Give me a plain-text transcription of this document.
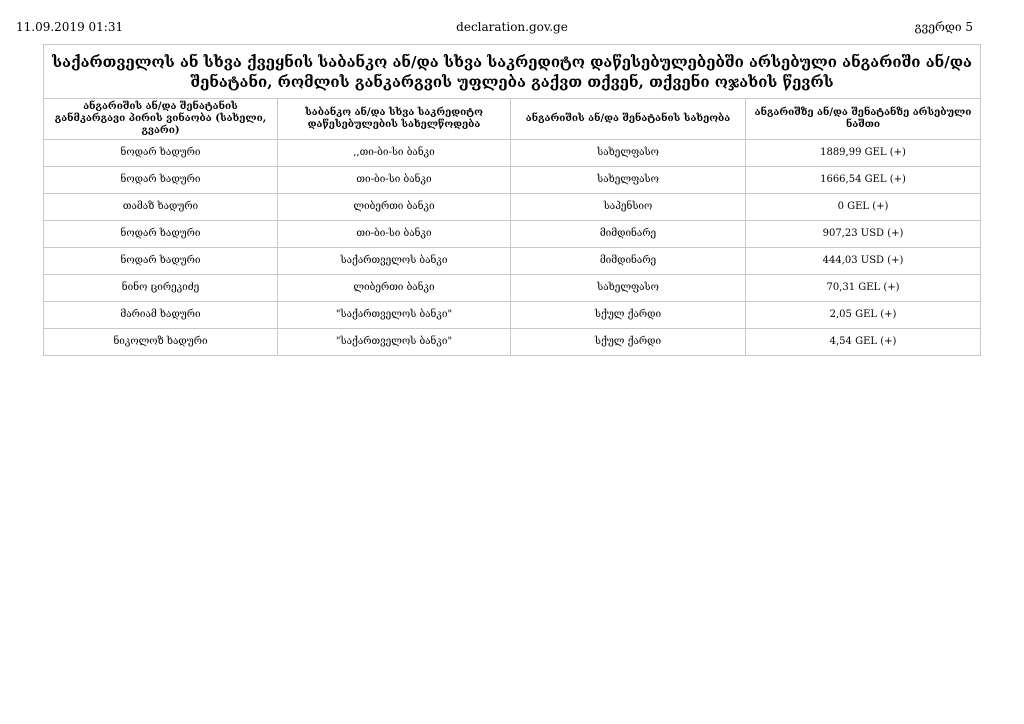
11.09.2019 01:31	declaration.gov.ge	გვერდი 5
საქართველოს ან სხვა ქვეყნის საბანკო ან/და სხვა საკრედიტო დაწესებულებებში არსებული ანგარიში ან/და შენატანი, რომლის განკარგვის უფლება გაქვთ თქვენ, თქვენი ოჯახის წევრს			
ანგარიშის ან/და შენატანის განმკარგავი პირის ვინაობა (სახელი, გვარი)	საბანკო ან/და სხვა საკრედიტო დაწესებულების სახელწოდება	ანგარიშის ან/და შენატანის სახეობა	ანგარიშზე ან/და შენატანზე არსებული ნაშთი
ნოდარ ხადური	,,თი-ბი-სი ბანკი	სახელფასო	1889,99 GEL (+)
ნოდარ ხადური	თი-ბი-სი ბანკი	სახელფასო	1666,54 GEL (+)
თამაზ ხადური	ლიბერთი ბანკი	საპენსიო	0 GEL (+)
ნოდარ ხადური	თი-ბი-სი ბანკი	მიმდინარე	907,23 USD (+)
ნოდარ ხადური	საქართველოს ბანკი	მიმდინარე	444,03 USD (+)
ნინო ცირეკიძე	ლიბერთი ბანკი	სახელფასო	70,31 GEL (+)
მარიამ ხადური	"საქართველოს ბანკი"	სქულ ქარდი	2,05 GEL (+)
ნიკოლოზ ხადური	"საქართველოს ბანკი"	სქულ ქარდი	4,54 GEL (+)
